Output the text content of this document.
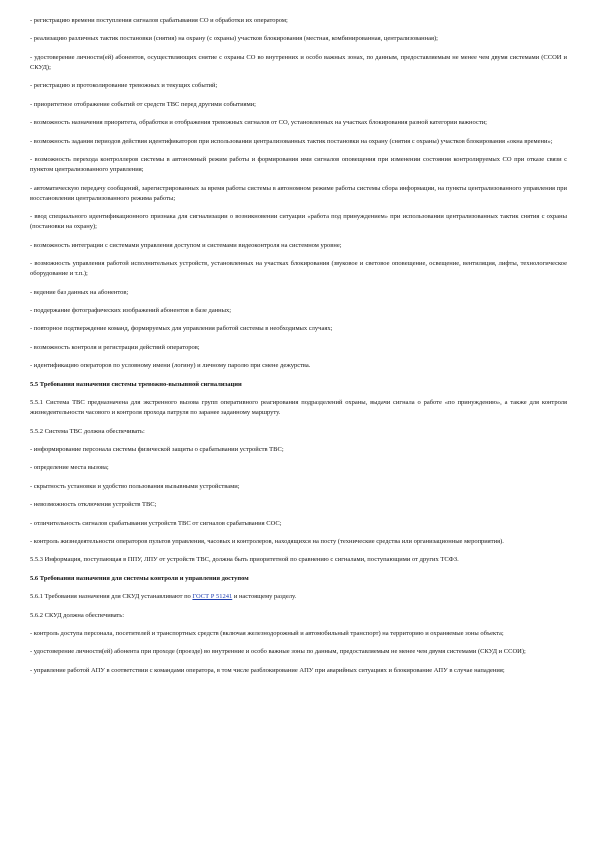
- регистрацию времени поступления сигналов срабатывания СО и обработки их оператором;

- реализацию различных тактик постановки (снятия) на охрану (с охраны) участков блокирования (местная, комбинированная, централизованная);

- удостоверение личности(ей) абонентов, осуществляющих снятие с охраны СО во внутренних и особо важных зонах, по данным, предоставляемым не менее чем двумя системами (ССОИ и СКУД);

- регистрацию и протоколирование тревожных и текущих событий;

- приоритетное отображение событий от средств ТВС перед другими событиями;

- возможность назначения приоритета, обработки и отображения тревожных сигналов от СО, установленных на участках блокирования разной категории важности;

- возможность задания периодов действия идентификаторов при использовании централизованных тактик постановки на охрану (снятия с охраны) участков блокирования «окна времени»;

- возможность перехода контроллеров системы в автономный режим работы и формирования ими сигналов оповещения при изменении состояния контролируемых СО при отказе связи с пунктом централизованного управления;

- автоматическую передачу сообщений, зарегистрированных за время работы системы в автономном режиме работы системы сбора информации, на пункты централизованного управления при восстановлении централизованного режима работы;

- ввод специального идентификационного признака для сигнализации о возникновении ситуации «работа под принуждением» при использовании централизованных тактик снятия с охраны (постановки на охрану);

- возможность интеграции с системами управления доступом и системами видеоконтроля на системном уровне;

- возможность управления работой исполнительных устройств, установленных на участках блокирования (звуковое и световое оповещение, освещение, вентиляция, лифты, технологическое оборудование и т.п.);

- ведение баз данных на абонентов;

- поддержание фотографических изображений абонентов в базе данных;

- повторное подтверждение команд, формируемых для управления работой системы в необходимых случаях;

- возможность контроля и регистрации действий операторов;

- идентификацию операторов по условному имени (логину) и личному паролю при смене дежурства.

5.5 Требования назначения системы тревожно-вызывной сигнализации

5.5.1 Система ТВС предназначена для экстренного вызова групп оперативного реагирования подразделений охраны, выдачи сигнала о работе «по принуждению», а также для контроля жизнедеятельности часового и контроля прохода патруля по заранее заданному маршруту.

5.5.2 Система ТВС должна обеспечивать:

- информирование персонала системы физической защиты о срабатывании устройств ТВС;

- определение места вызова;

- скрытность установки и удобство пользования вызывными устройствами;

- невозможность отключения устройств ТВС;

- отличительность сигналов срабатывания устройств ТВС от сигналов срабатывания СОС;

- контроль жизнедеятельности операторов пультов управления, часовых и контролеров, находящихся на посту (технические средства или организационные мероприятия).

5.5.3 Информация, поступающая в ППУ, ЛПУ от устройств ТВС, должна быть приоритетной по сравнению с сигналами, поступающими от других ТСФЗ.

5.6 Требования назначения для системы контроля и управления доступом

5.6.1 Требования назначения для СКУД устанавливают по ГОСТ Р 51241 и настоящему разделу.

5.6.2 СКУД должна обеспечивать:

- контроль доступа персонала, посетителей и транспортных средств (включая железнодорожный и автомобильный транспорт) на территорию и охраняемые зоны объекта;

- удостоверение личности(ей) абонента при проходе (проезде) во внутренние и особо важные зоны по данным, предоставляемым не менее чем двумя системами (СКУД и ССОИ);

- управление работой АПУ в соответствии с командами оператора, в том числе разблокирование АПУ при аварийных ситуациях и блокирование АПУ в случае нападения;
